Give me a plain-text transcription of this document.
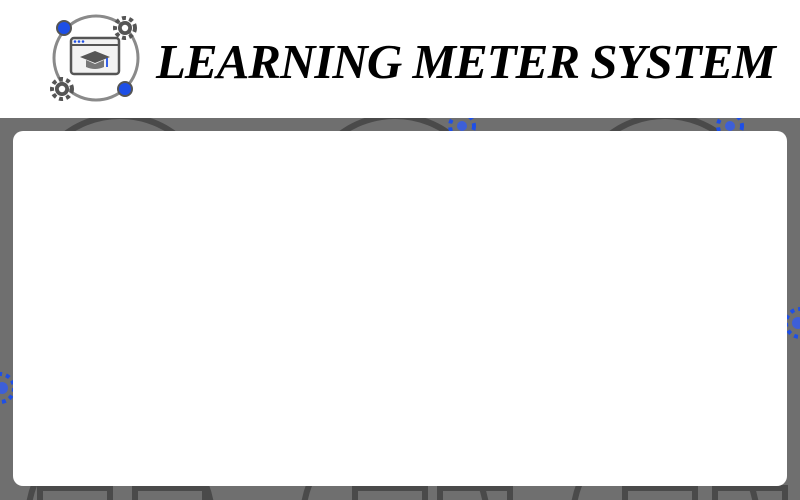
LEARNING METER SYSTEM
